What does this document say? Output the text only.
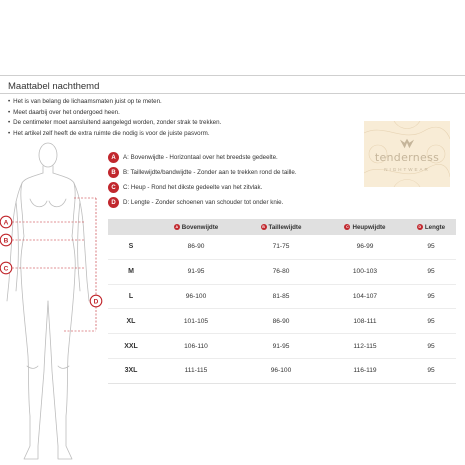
Maattabel nachthemd
• Het is van belang de lichaamsmaten juist op te meten.
• Meet daarbij over het ondergoed heen.
• De centimeter moet aansluitend aangelegd worden, zonder strak te trekken.
• Het artikel zelf heeft de extra ruimte die nodig is voor de juiste pasvorm.
tenderness
NIGHTWEAR
A	A: Bovenwijdte - Horizontaal over het breedste gedeelte.
B	B: Taillewijdte/bandwijdte - Zonder aan te trekken rond de taille.
C	C: Heup - Rond het dikste gedeelte van het zitvlak.
D	D: Lengte - Zonder schoenen van schouder tot onder knie.

A Bovenwijdte	B Taillewijdte	C Heupwijdte	D Lengte

S	86-90	71-75	96-99	95
M	91-95	76-80	100-103	95
L	96-100	81-85	104-107	95
XL	101-105	86-90	108-111	95
XXL	106-110	91-95	112-115	95
3XL	111-115	96-100	116-119	95
A
B
C
D
